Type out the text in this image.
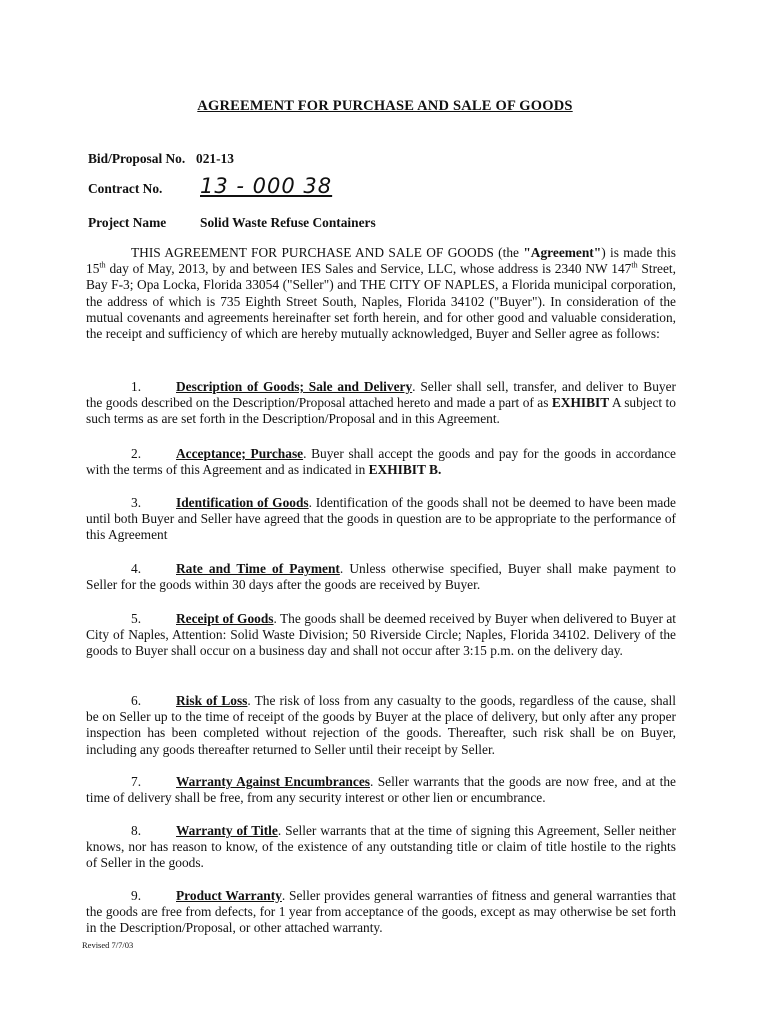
AGREEMENT FOR PURCHASE AND SALE OF GOODS
Bid/Proposal No. 021-13
Contract No. 13 - 000 38
Project Name	Solid Waste Refuse Containers

THIS AGREEMENT FOR PURCHASE AND SALE OF GOODS (the "Agreement") is made this 15th day of May, 2013, by and between IES Sales and Service, LLC, whose address is 2340 NW 147th Street, Bay F-3; Opa Locka, Florida 33054 ("Seller") and THE CITY OF NAPLES, a Florida municipal corporation, the address of which is 735 Eighth Street South, Naples, Florida 34102 ("Buyer"). In consideration of the mutual covenants and agreements hereinafter set forth herein, and for other good and valuable consideration, the receipt and sufficiency of which are hereby mutually acknowledged, Buyer and Seller agree as follows:

1.	Description of Goods; Sale and Delivery. Seller shall sell, transfer, and deliver to Buyer the goods described on the Description/Proposal attached hereto and made a part of as EXHIBIT A subject to such terms as are set forth in the Description/Proposal and in this Agreement.

2.	Acceptance; Purchase. Buyer shall accept the goods and pay for the goods in accordance with the terms of this Agreement and as indicated in EXHIBIT B.

3.	Identification of Goods. Identification of the goods shall not be deemed to have been made until both Buyer and Seller have agreed that the goods in question are to be appropriate to the performance of this Agreement

4.	Rate and Time of Payment. Unless otherwise specified, Buyer shall make payment to Seller for the goods within 30 days after the goods are received by Buyer.

5.	Receipt of Goods. The goods shall be deemed received by Buyer when delivered to Buyer at City of Naples, Attention: Solid Waste Division; 50 Riverside Circle; Naples, Florida 34102. Delivery of the goods to Buyer shall occur on a business day and shall not occur after 3:15 p.m. on the delivery day.

6.	Risk of Loss. The risk of loss from any casualty to the goods, regardless of the cause, shall be on Seller up to the time of receipt of the goods by Buyer at the place of delivery, but only after any proper inspection has been completed without rejection of the goods. Thereafter, such risk shall be on Buyer, including any goods thereafter returned to Seller until their receipt by Seller.

7.	Warranty Against Encumbrances. Seller warrants that the goods are now free, and at the time of delivery shall be free, from any security interest or other lien or encumbrance.

8.	Warranty of Title. Seller warrants that at the time of signing this Agreement, Seller neither knows, nor has reason to know, of the existence of any outstanding title or claim of title hostile to the rights of Seller in the goods.

9.	Product Warranty. Seller provides general warranties of fitness and general warranties that the goods are free from defects, for 1 year from acceptance of the goods, except as may otherwise be set forth in the Description/Proposal, or other attached warranty.

Revised 7/7/03
